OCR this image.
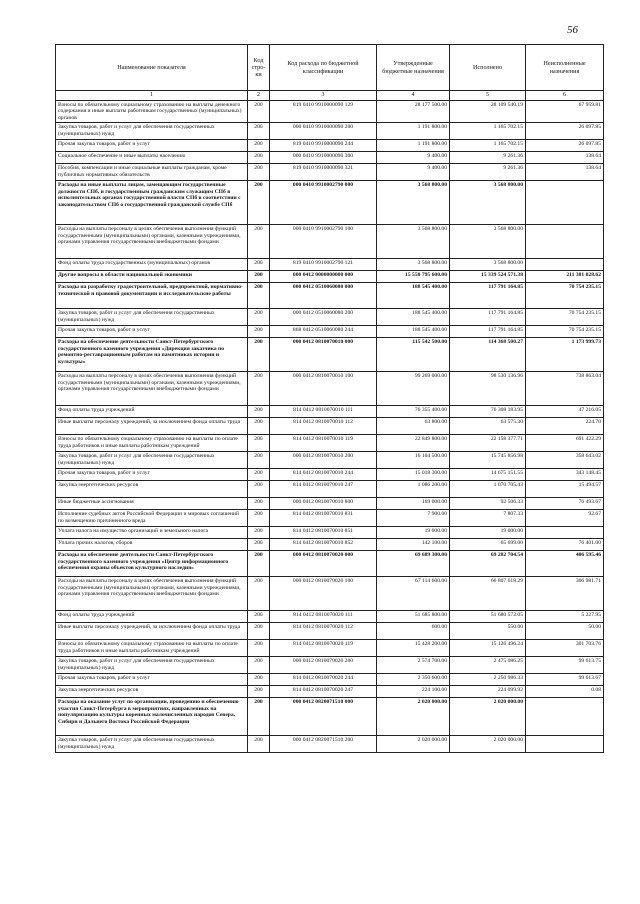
56
Наименование показателя	Код стро-ки	Код расхода по бюджетной классификации	Утвержденные бюджетные назначения	Исполнено	Неисполненные назначения
1	2	3	4	5	6
Взносы по обязательному социальному страхованию на выплаты денежного содержания и иные выплаты работникам государственных (муниципальных) органов	200	819 0410 9910000090 129	28 177 500.00	28 109 540.19	67 959.81
Закупка товаров, работ и услуг для обеспечения государственных (муниципальных) нужд	200	000 0410 9910000090 200	1 191 800.00	1 165 702.15	26 097.85
Прочая закупка товаров, работ и услуг	200	819 0410 9910000090 244	1 191 800.00	1 165 702.15	26 097.85
Социальное обеспечение и иные выплаты населению	200	000 0410 9910000090 300	9 400.00	9 261.36	138.64
Пособия, компенсации и иные социальные выплаты гражданам, кроме публичных нормативных обязательств	200	819 0410 9910000090 321	9 400.00	9 261.36	138.64
Расходы на иные выплаты лицам, замещающим государственные должности СПб, и государственным гражданским служащим СПб в исполнительных органах государственной власти СПб в соответствии с законодательством СПб о государственной гражданской службе СПб	200	000 0410 9910002790 000	3 568 800.00	3 568 800.00	
Расходы на выплаты персоналу в целях обеспечения выполнения функций государственными (муниципальными) органами, казенными учреждениями, органами управления государственными внебюджетными фондами	200	000 0410 9910002790 100	3 568 800.00	3 568 800.00	
Фонд оплаты труда государственных (муниципальных) органов	200	819 0410 9910002790 121	3 568 800.00	3 568 800.00	
Другие вопросы в области национальной экономики	200	000 0412 0000000000 000	15 550 795 600.00	15 339 524 571.38	211 381 028.62
Расходы на разработку градостроительной, предпроектной, нормативно-технической и правовой документации и исследовательские работы	200	000 0412 0510060080 000	188 545 400.00	117 791 164.85	70 754 235.15
Закупка товаров, работ и услуг для обеспечения государственных (муниципальных) нужд	200	000 0412 0510060080 200	188 545 400.00	117 791 164.85	70 754 235.15
Прочая закупка товаров, работ и услуг	200	868 0412 0510060080 244	188 545 400.00	117 791 164.85	70 754 235.15
Расходы на обеспечение деятельности Санкт-Петербургского государственного казенного учреждения «Дирекция заказчика по ремонтно-реставрационным работам на памятниках истории и культуры»	200	000 0412 0810070010 000	115 542 500.00	114 368 500.27	1 173 999.73
Расходы на выплаты персоналу в целях обеспечения выполнения функций государственными (муниципальными) органами, казенными учреждениями, органами управления государственными внебюджетными фондами	200	000 0412 0810070010 100	99 269 000.00	98 530 136.96	738 863.04
Фонд оплаты труда учреждений	200	814 0412 0810070010 111	76 355 400.00	76 308 183.95	47 216.05
Иные выплаты персоналу учреждений, за исключением фонда оплаты труда	200	814 0412 0810070010 112	63 800.00	63 575.30	224.70
Взносы по обязательному социальному страхованию на выплаты по оплате труда работников и иные выплаты работникам учреждений	200	814 0412 0810070010 119	22 849 800.00	22 158 377.71	691 422.29
Закупка товаров, работ и услуг для обеспечения государственных (муниципальных) нужд	200	000 0412 0810070010 200	16 104 500.00	15 745 856.98	358 643.02
Прочая закупка товаров, работ и услуг	200	814 0412 0810070010 244	15 018 300.00	14 675 151.55	343 148.45
Закупка энергетических ресурсов	200	814 0412 0810070010 247	1 086 200.00	1 070 705.43	15 494.57
Иные бюджетные ассигнования	200	000 0412 0810070010 800	169 000.00	92 506.33	76 493.67
Исполнение судебных актов Российской Федерации и мировых соглашений по возмещению причиненного вреда	200	814 0412 0810070010 831	7 900.00	7 807.33	92.67
Уплата налога на имущество организаций и земельного налога	200	814 0412 0810070010 851	19 000.00	19 000.00	
Уплата прочих налогов, сборов	200	814 0412 0810070010 852	142 100.00	65 699.00	76 401.00
Расходы на обеспечение деятельности Санкт-Петербургского государственного казенного учреждения «Центр информационного обеспечения охраны объектов культурного наследия»	200	000 0412 0810070020 000	69 689 300.00	69 282 704.54	406 595.46
Расходы на выплаты персоналу в целях обеспечения выполнения функций государственными (муниципальными) органами, казенными учреждениями, органами управления государственными внебюджетными фондами	200	000 0412 0810070020 100	67 114 600.00	66 807 618.29	306 981.71
Фонд оплаты труда учреждений	200	814 0412 0810070020 111	51 685 800.00	51 680 572.05	5 227.95
Иные выплаты персоналу учреждений, за исключением фонда оплаты труда	200	814 0412 0810070020 112	600.00	550.00	50.00
Взносы по обязательному социальному страхованию на выплаты по оплате труда работников и иные выплаты работникам учреждений	200	814 0412 0810070020 119	15 428 200.00	15 126 496.24	301 703.76
Закупка товаров, работ и услуг для обеспечения государственных (муниципальных) нужд	200	000 0412 0810070020 200	2 574 700.00	2 475 086.25	99 613.75
Прочая закупка товаров, работ и услуг	200	814 0412 0810070020 244	2 350 600.00	2 250 986.33	99 613.67
Закупка энергетических ресурсов	200	814 0412 0810070020 247	224 100.00	224 099.92	0.08
Расходы на оказание услуг по организации, проведению и обеспечению участия Санкт-Петербурга в мероприятиях, направленных на популяризацию культуры коренных малочисленных народов Севера, Сибири и Дальнего Востока Российской Федерации	200	000 0412 0820071510 000	2 020 000.00	2 020 000.00	
Закупка товаров, работ и услуг для обеспечения государственных (муниципальных) нужд	200	000 0412 0820071510 200	2 020 000.00	2 020 000.00	
